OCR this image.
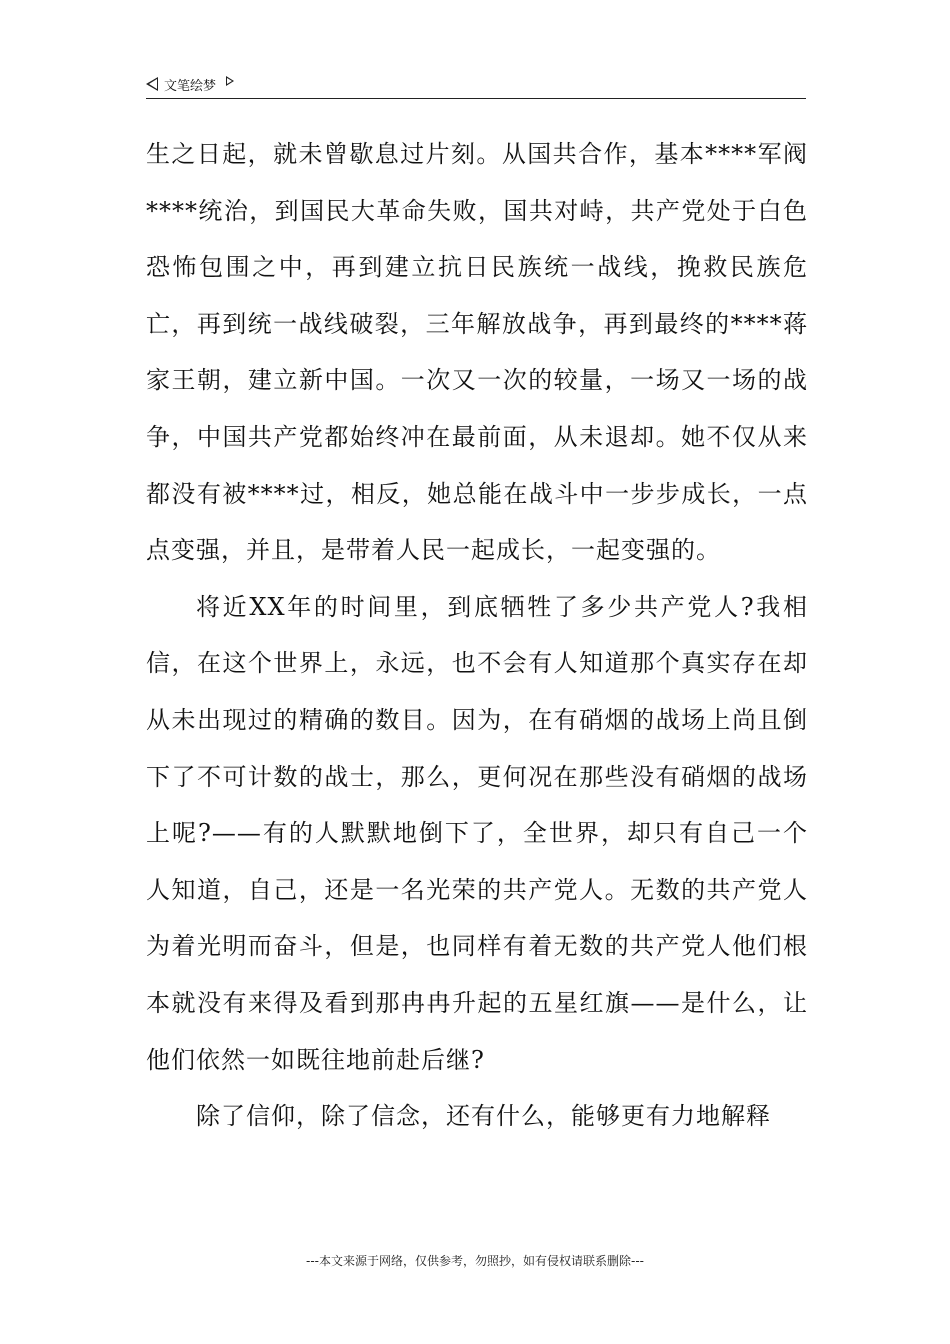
文笔绘梦

生之日起，就未曾歇息过片刻。从国共合作，基本****军阀****统治，到国民大革命失败，国共对峙，共产党处于白色恐怖包围之中，再到建立抗日民族统一战线，挽救民族危亡，再到统一战线破裂，三年解放战争，再到最终的****蒋家王朝，建立新中国。一次又一次的较量，一场又一场的战争，中国共产党都始终冲在最前面，从未退却。她不仅从来都没有被****过，相反，她总能在战斗中一步步成长，一点点变强，并且，是带着人民一起成长，一起变强的。

将近XX年的时间里，到底牺牲了多少共产党人?我相信，在这个世界上，永远，也不会有人知道那个真实存在却从未出现过的精确的数目。因为，在有硝烟的战场上尚且倒下了不可计数的战士，那么，更何况在那些没有硝烟的战场上呢?——有的人默默地倒下了，全世界，却只有自己一个人知道，自己，还是一名光荣的共产党人。无数的共产党人为着光明而奋斗，但是，也同样有着无数的共产党人他们根本就没有来得及看到那冉冉升起的五星红旗——是什么，让他们依然一如既往地前赴后继?

除了信仰，除了信念，还有什么，能够更有力地解释

---本文来源于网络，仅供参考，勿照抄，如有侵权请联系删除---
